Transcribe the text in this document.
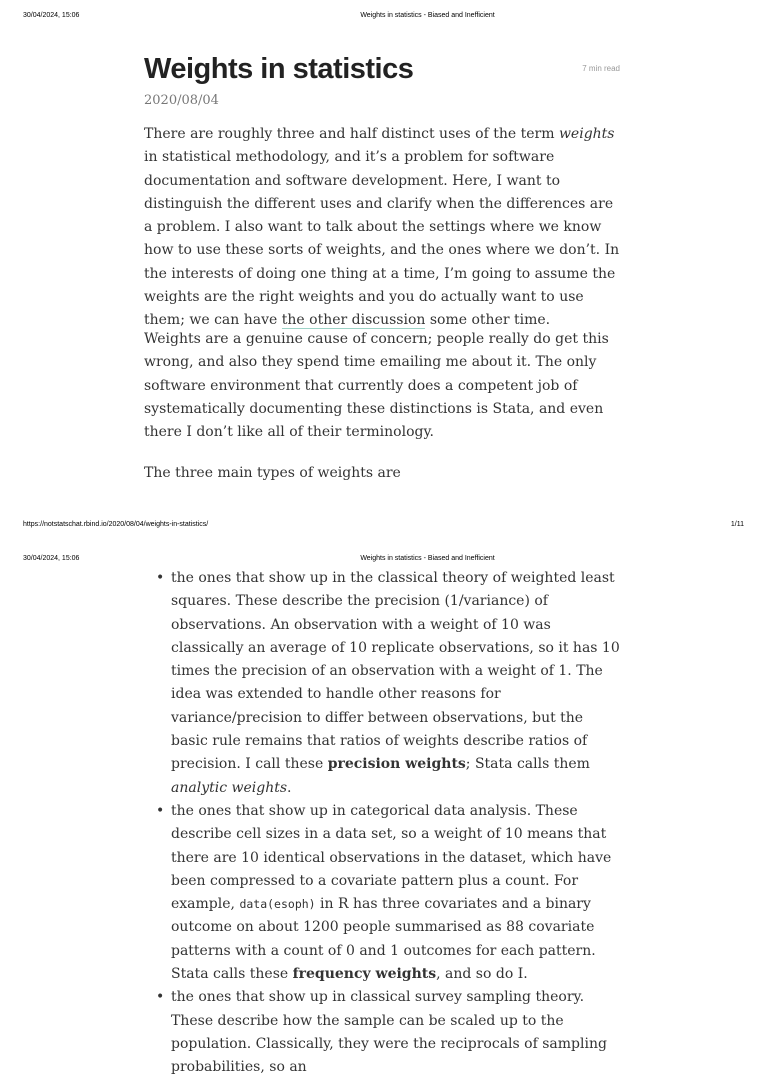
30/04/2024, 15:06	Weights in statistics - Biased and Inefficient
Weights in statistics	7 min read
2020/08/04

There are roughly three and half distinct uses of the term weights in statistical methodology, and it’s a problem for software documentation and software development. Here, I want to distinguish the different uses and clarify when the differences are a problem. I also want to talk about the settings where we know how to use these sorts of weights, and the ones where we don’t. In the interests of doing one thing at a time, I’m going to assume the weights are the right weights and you do actually want to use them; we can have the other discussion some other time.

Weights are a genuine cause of concern; people really do get this wrong, and also they spend time emailing me about it. The only software environment that currently does a competent job of systematically documenting these distinctions is Stata, and even there I don’t like all of their terminology.

The three main types of weights are

https://notstatschat.rbind.io/2020/08/04/weights-in-statistics/	1/11
30/04/2024, 15:06	Weights in statistics - Biased and Inefficient
• the ones that show up in the classical theory of weighted least squares. These describe the precision (1/variance) of observations. An observation with a weight of 10 was classically an average of 10 replicate observations, so it has 10 times the precision of an observation with a weight of 1. The idea was extended to handle other reasons for variance/precision to differ between observations, but the basic rule remains that ratios of weights describe ratios of precision. I call these precision weights; Stata calls them analytic weights.
• the ones that show up in categorical data analysis. These describe cell sizes in a data set, so a weight of 10 means that there are 10 identical observations in the dataset, which have been compressed to a covariate pattern plus a count. For example, data(esoph) in R has three covariates and a binary outcome on about 1200 people summarised as 88 covariate patterns with a count of 0 and 1 outcomes for each pattern. Stata calls these frequency weights, and so do I.
• the ones that show up in classical survey sampling theory. These describe how the sample can be scaled up to the population. Classically, they were the reciprocals of sampling probabilities, so an
